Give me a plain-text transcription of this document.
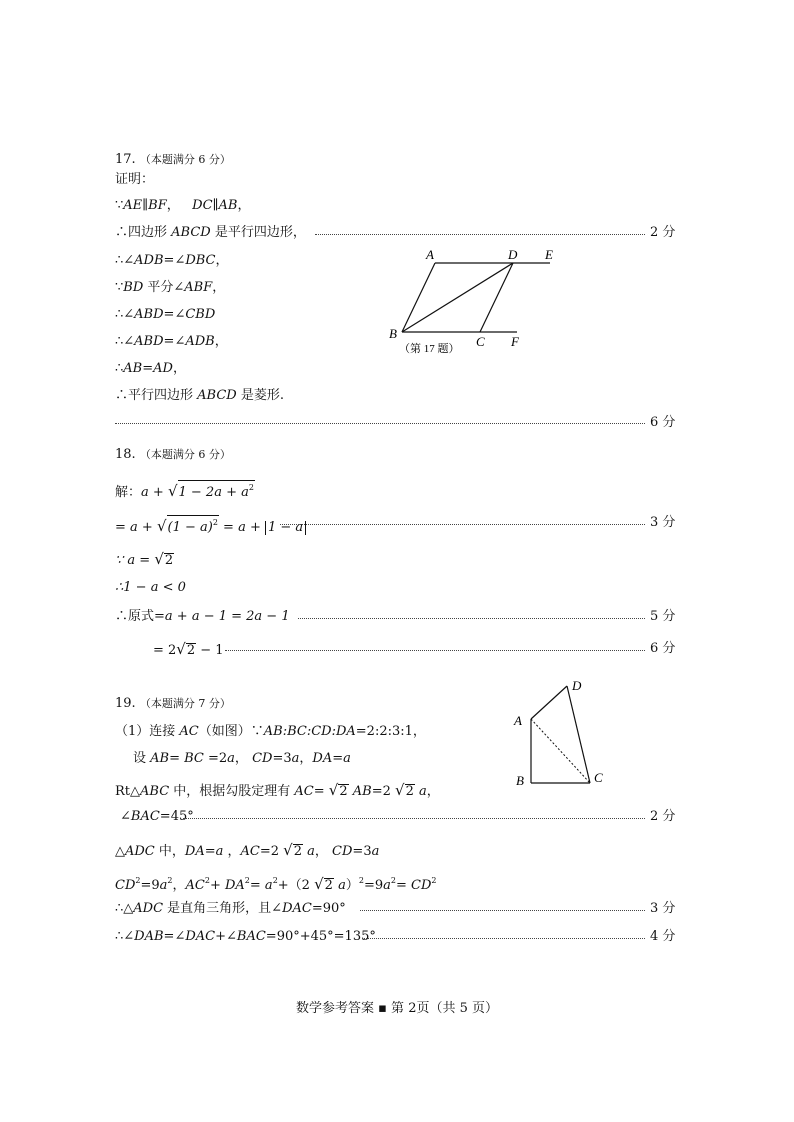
17. （本题满分 6 分）
证明：
∵AE∥BF， DC∥AB，
∴四边形 ABCD 是平行四边形，	2 分
∴∠ADB=∠DBC，
∵BD 平分∠ABF，
∴∠ABD=∠CBD
∴∠ABD=∠ADB，
∴AB=AD，
∴平行四边形 ABCD 是菱形.
6 分
A	D E
B
C F
（第 17 题）
18. （本题满分 6 分）
解：$a + √1 - 2a + a^2$
= $a + √(1 - a)^2 = a + 1 - a$	3 分
∵ a = √2
∴1 − a < 0
∴原式=a + a − 1 = 2a − 1	5 分
= 2√2 − 1	6 分
19. （本题满分 7 分）
（1）连接 AC（如图）∵AB:BC:CD:DA=2:2:3:1，
设 AB= BC =2a， CD=3a，DA=a
Rt△ABC 中，根据勾股定理有 AC= √2 AB=2 √2 a，
∠BAC=45°	2 分
△ADC 中，DA=a ，AC=2 √2 a， CD=3a
$CD^2=9a^2$，$AC^2+ DA^2= a^2+(2$ √2 $a)^2=9a^2= CD^2$
∴△ADC 是直角三角形，且∠DAC=90°	3 分
∴∠DAB=∠DAC+∠BAC=90°+45°=135°	4 分
A
B	C
D
数学参考答案 ▪ 第 2页（共 5 页）
